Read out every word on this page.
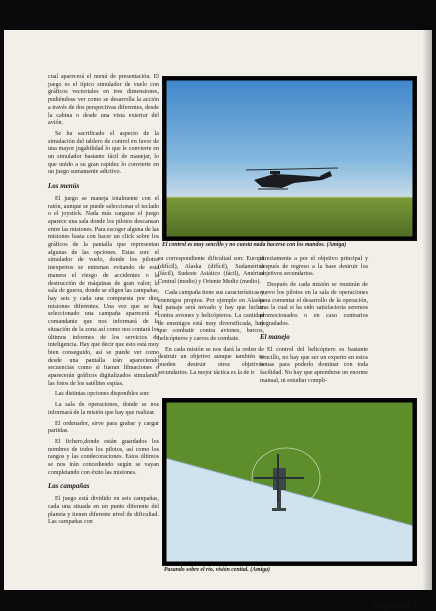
cual aparecerá el menú de presentación. El juego es el típico simulador de vuelo con gráficos vectoriales en tres dimensiones, pudiéndose ver como se desarrolla la acción a través de dos perspectivas diferentes, desde la cabina o desde una vista exterior del avión.

Se ha sacrificado el aspecto de la simulación del tablero de control en favor de una mayor jugabilidad lo que le convierte en un simulador bastante fácil de manejar, lo que unido a su gran rapidez lo convierte en un juego sumamente adictivo.

Los menús

El juego se maneja totalmente con el ratón, aunque se puede seleccionar el teclado o el joystick. Nada más cargarse el juego aparece una sala donde los pilotos descansan entre las misiones. Para escoger alguna de las misiones basta con hacer un click sobre los gráficos de la pantalla que representan algunas de las opciones. Estas son: el simulador de vuelo, donde los pilotos inexpertos se entrenan evitando de esta manera el riesgo de accidentes o la destrucción de máquinas de gran valor; la sala de guerra, donde se eligen las campañas, hay seis y cada una compuesta por diez misiones diferentes. Una vez que se ha seleccionado una campaña aparecerá el comandante que nos informará de la situación de la zona así como nos contará los últimos informes de los servicios de inteligencia. Hay que decir que esto está muy bien conseguido, así se puede ver como desde una pantalla irán apareciendo secuencias como si fueran filmaciones o aparecerán gráficos digitalizados simulando las fotos de los satélites espías.

Las distintas opciones disponibles son:

La sala de operaciones, donde se nos informará de la misión que hay que realizar.

El ordenador, sirve para grabar y cargar partidas.

El fichero,donde están guardados los nombres de todos los pilotos, así como los rangos y las condecoraciones. Estos últimos se nos irán concediendo según se vayan completando con éxito las misiones.

Las campañas

El juego está dividido en seis campañas, cada una situada en un punto diferente del planeta y tienen diferente nivel de dificultad. Las campañas con

El control es muy sencillo y no cuesta nada hacerse con los mandos. (Amiga)

su correspondiente dificultad son: Europa (difícil), Alaska (difícil), Sudamérica (fácil), Sudeste Asiático (fácil), América Central (medio) y Oriente Medio (medio).

Cada campaña tiene sus características y enemigos propios. Por ejemplo en Alaska el paisaje será nevado y hay que luchar contra aviones y helicópteros. La cantidad de enemigos está muy diversificada, hay que combatir contra aviones, barcos, helicópteros y carros de combate.

En cada misión se nos dará la orden de destruir un objetivo aunque también se pueden destruir otros objetivos secundarios. La mejor táctica es la de ir

directamente a por el objetivo principal y después de regreso a la base destruir los objetivos secundarios.

Después de cada misión se reunirán de nuevo los pilotos en la sala de operaciones para comentar el desarrollo de la operación, tras la cual si ha sido satisfactoria seremos promocionados o en caso contrarios degradados.

El manejo

El control del helicóptero es bastante sencillo, no hay que ser un experto en estos temas para poderlo dominar con toda facilidad. No hay que aprenderse un enorme manual, ni estudiar compli-

Pasando sobre el río, visión cenital. (Amiga)
MegaOcio 21
